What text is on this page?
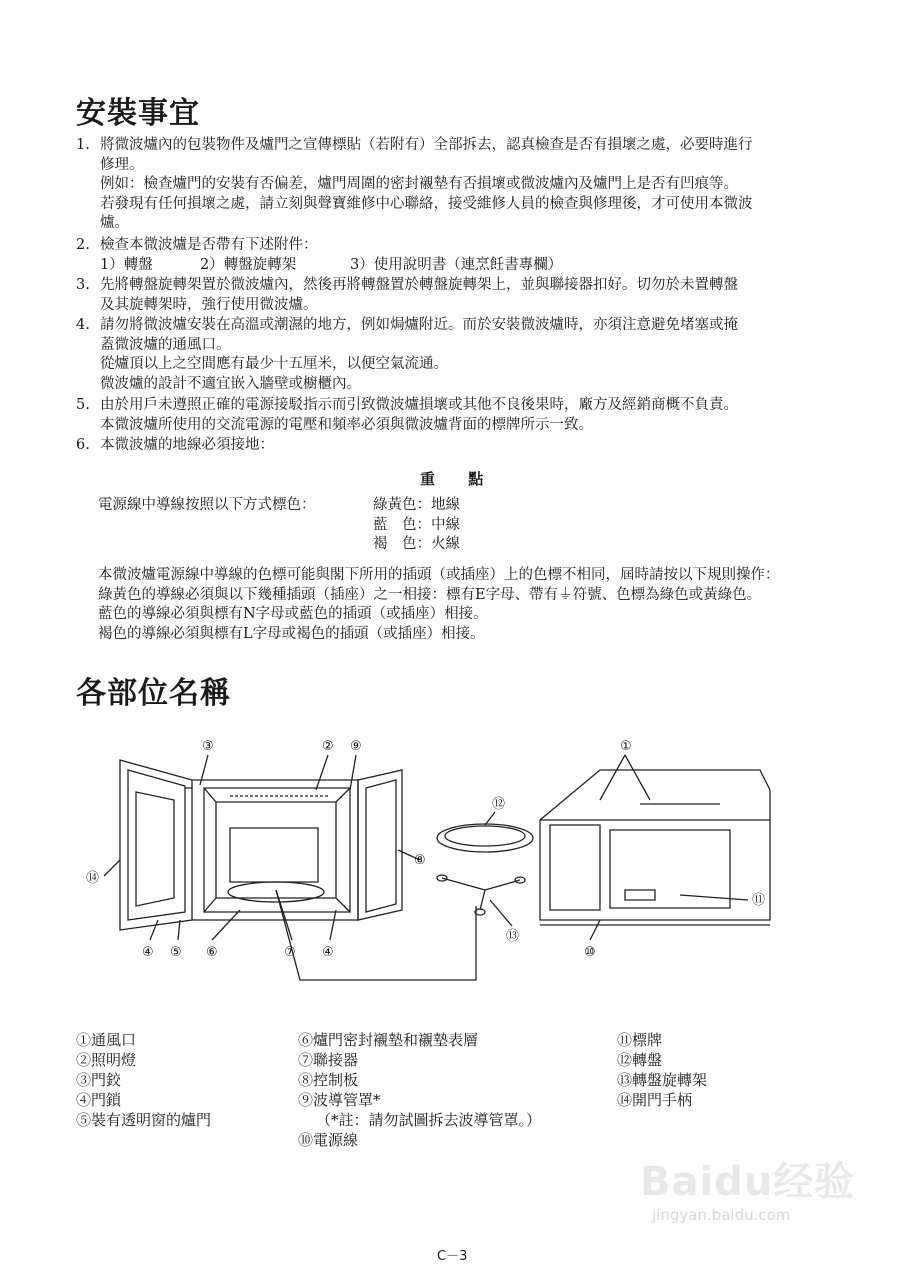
安裝事宜
1. 將微波爐內的包裝物件及爐門之宣傳標貼（若附有）全部拆去，認真檢查是否有損壞之處，必要時進行
修理。
例如：檢查爐門的安裝有否偏差，爐門周圍的密封襯墊有否損壞或微波爐內及爐門上是否有凹痕等。
若發現有任何損壞之處，請立刻與聲寶維修中心聯絡，接受維修人員的檢查與修理後，才可使用本微波
爐。
2. 檢查本微波爐是否帶有下述附件：
1）轉盤	2）轉盤旋轉架	3）使用說明書（連烹飪書專欄）
3. 先將轉盤旋轉架置於微波爐內，然後再將轉盤置於轉盤旋轉架上，並與聯接器扣好。切勿於未置轉盤
及其旋轉架時，強行使用微波爐。
4. 請勿將微波爐安裝在高溫或潮濕的地方，例如焗爐附近。而於安裝微波爐時，亦須注意避免堵塞或掩
蓋微波爐的通風口。
從爐頂以上之空間應有最少十五厘米，以便空氣流通。
微波爐的設計不適宜嵌入牆壁或櫥櫃內。
5. 由於用戶未遵照正確的電源接駁指示而引致微波爐損壞或其他不良後果時，廠方及經銷商概不負責。
本微波爐所使用的交流電源的電壓和頻率必須與微波爐背面的標牌所示一致。
6. 本微波爐的地線必須接地：
重 點
電源線中導線按照以下方式標色：	綠黃色：地線
藍　色：中線
褐　色：火線
本微波爐電源線中導線的色標可能與閣下所用的插頭（或插座）上的色標不相同，屆時請按以下規則操作：
綠黃色的導線必須與以下幾種插頭（插座）之一相接：標有E字母、帶有⏚符號、色標為綠色或黃綠色。
藍色的導線必須與標有N字母或藍色的插頭（或插座）相接。
褐色的導線必須與標有L字母或褐色的插頭（或插座）相接。
各部位名稱
③	② ⑨	①
⑫
⑧
⑭
⑪
⑬
④ ⑤ ⑥	⑦ ④	⑩
①通風口
②照明燈
③門鉸
④門鎖
⑤裝有透明窗的爐門
⑥爐門密封襯墊和襯墊表層
⑦聯接器
⑧控制板
⑨波導管罩*
（*註：請勿試圖拆去波導管罩。）
⑩電源線
⑪標牌
⑫轉盤
⑬轉盤旋轉架
⑭開門手柄
Baidu经验
jingyan.baidu.com
C－3
